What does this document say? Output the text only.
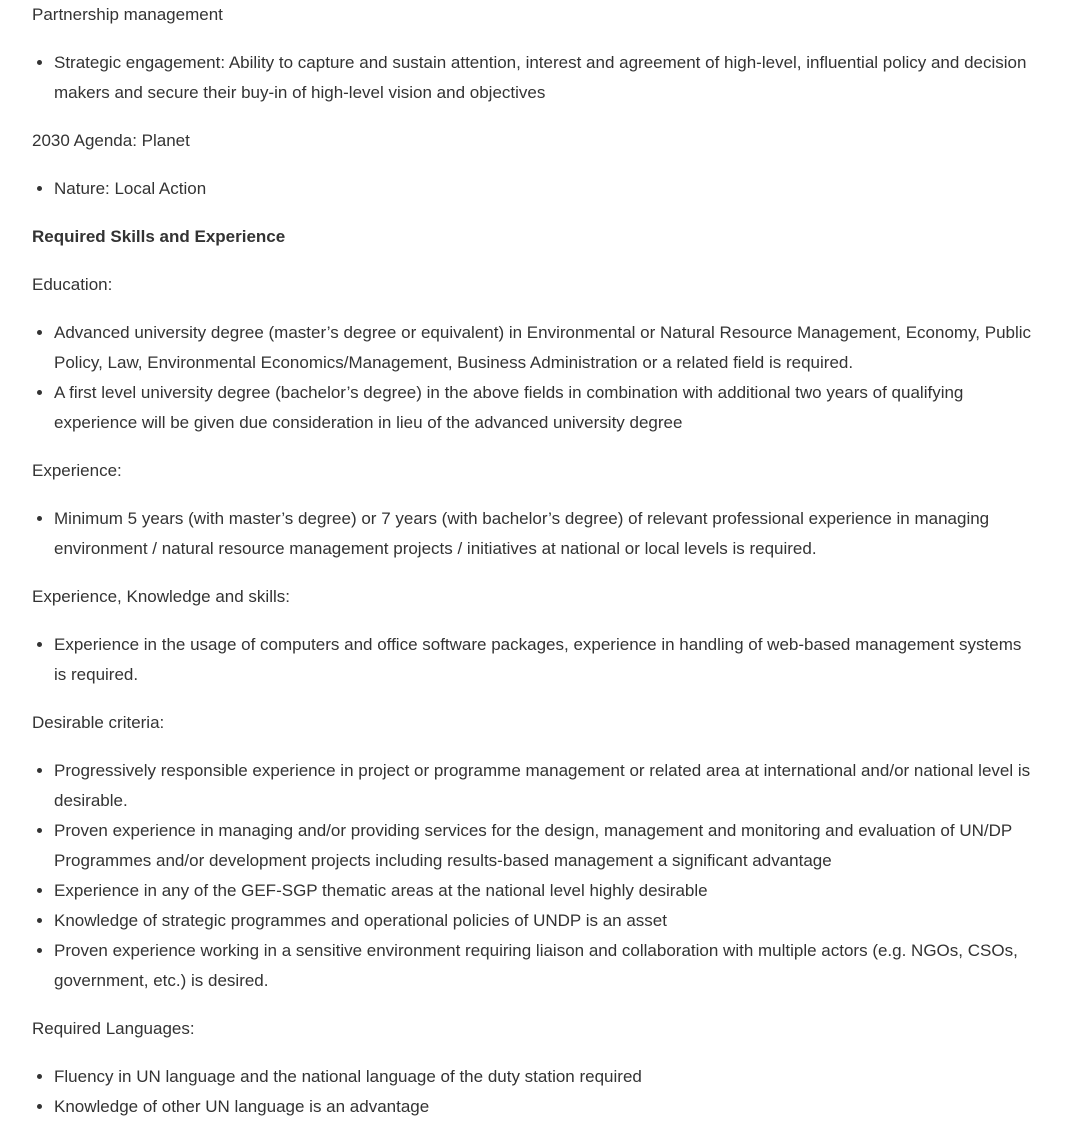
Partnership management

• Strategic engagement: Ability to capture and sustain attention, interest and agreement of high-level, influential policy and decision makers and secure their buy-in of high-level vision and objectives

2030 Agenda: Planet

• Nature: Local Action

Required Skills and Experience

Education:

• Advanced university degree (master’s degree or equivalent) in Environmental or Natural Resource Management, Economy, Public Policy, Law, Environmental Economics/Management, Business Administration or a related field is required.
• A first level university degree (bachelor’s degree) in the above fields in combination with additional two years of qualifying experience will be given due consideration in lieu of the advanced university degree

Experience:

• Minimum 5 years (with master’s degree) or 7 years (with bachelor’s degree) of relevant professional experience in managing environment / natural resource management projects / initiatives at national or local levels is required.

Experience, Knowledge and skills:

• Experience in the usage of computers and office software packages, experience in handling of web-based management systems is required.

Desirable criteria:

• Progressively responsible experience in project or programme management or related area at international and/or national level is desirable.
• Proven experience in managing and/or providing services for the design, management and monitoring and evaluation of UN/DP Programmes and/or development projects including results-based management a significant advantage
• Experience in any of the GEF-SGP thematic areas at the national level highly desirable
• Knowledge of strategic programmes and operational policies of UNDP is an asset
• Proven experience working in a sensitive environment requiring liaison and collaboration with multiple actors (e.g. NGOs, CSOs, government, etc.) is desired.

Required Languages:

• Fluency in UN language and the national language of the duty station required
• Knowledge of other UN language is an advantage
